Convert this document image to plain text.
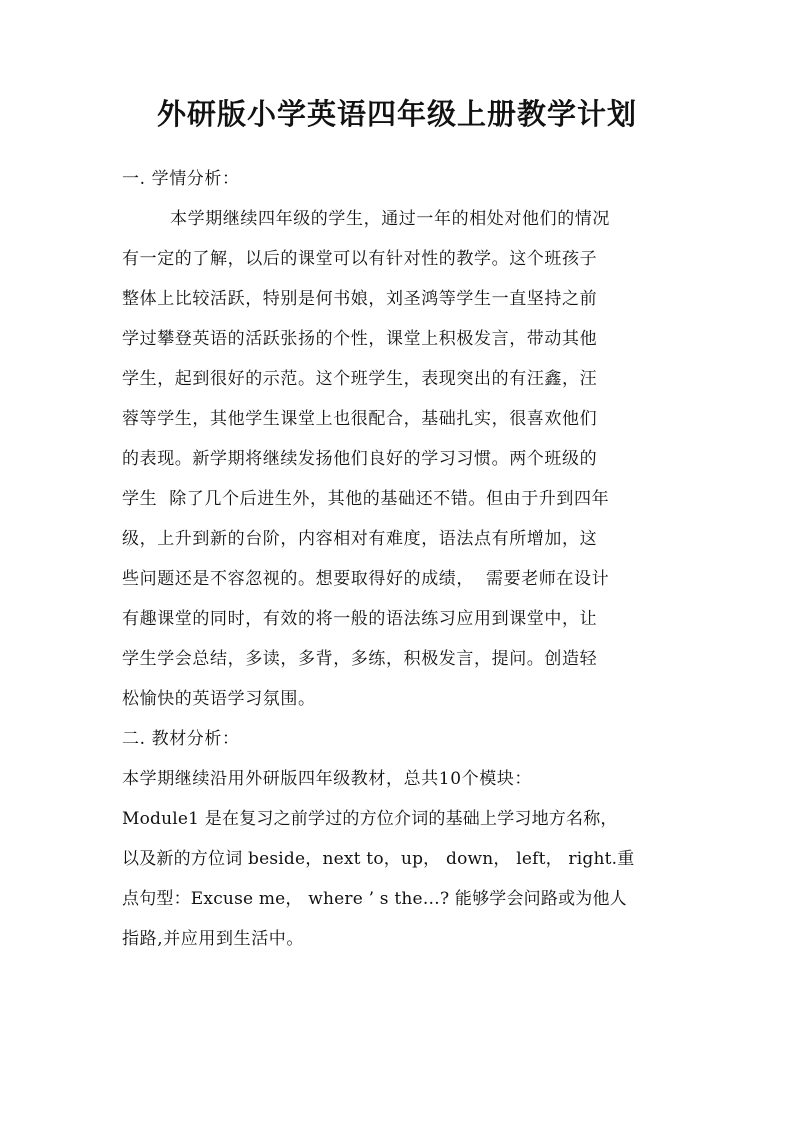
外研版小学英语四年级上册教学计划
一. 学情分析：
本学期继续四年级的学生，通过一年的相处对他们的情况
有一定的了解，以后的课堂可以有针对性的教学。这个班孩子
整体上比较活跃，特别是何书娘，刘圣鸿等学生一直坚持之前
学过攀登英语的活跃张扬的个性，课堂上积极发言，带动其他
学生，起到很好的示范。这个班学生，表现突出的有汪鑫，汪
蓉等学生，其他学生课堂上也很配合，基础扎实，很喜欢他们
的表现。新学期将继续发扬他们良好的学习习惯。两个班级的
学生  除了几个后进生外，其他的基础还不错。但由于升到四年
级，上升到新的台阶，内容相对有难度，语法点有所增加，这
些问题还是不容忽视的。想要取得好的成绩，  需要老师在设计
有趣课堂的同时，有效的将一般的语法练习应用到课堂中，让
学生学会总结，多读，多背，多练，积极发言，提问。创造轻
松愉快的英语学习氛围。
二. 教材分析：
本学期继续沿用外研版四年级教材，总共10个模块：
Module1 是在复习之前学过的方位介词的基础上学习地方名称，
以及新的方位词 beside，next to，up， down， left， right.重
点句型：Excuse me， where ’ s the…? 能够学会问路或为他人
指路,并应用到生活中。
